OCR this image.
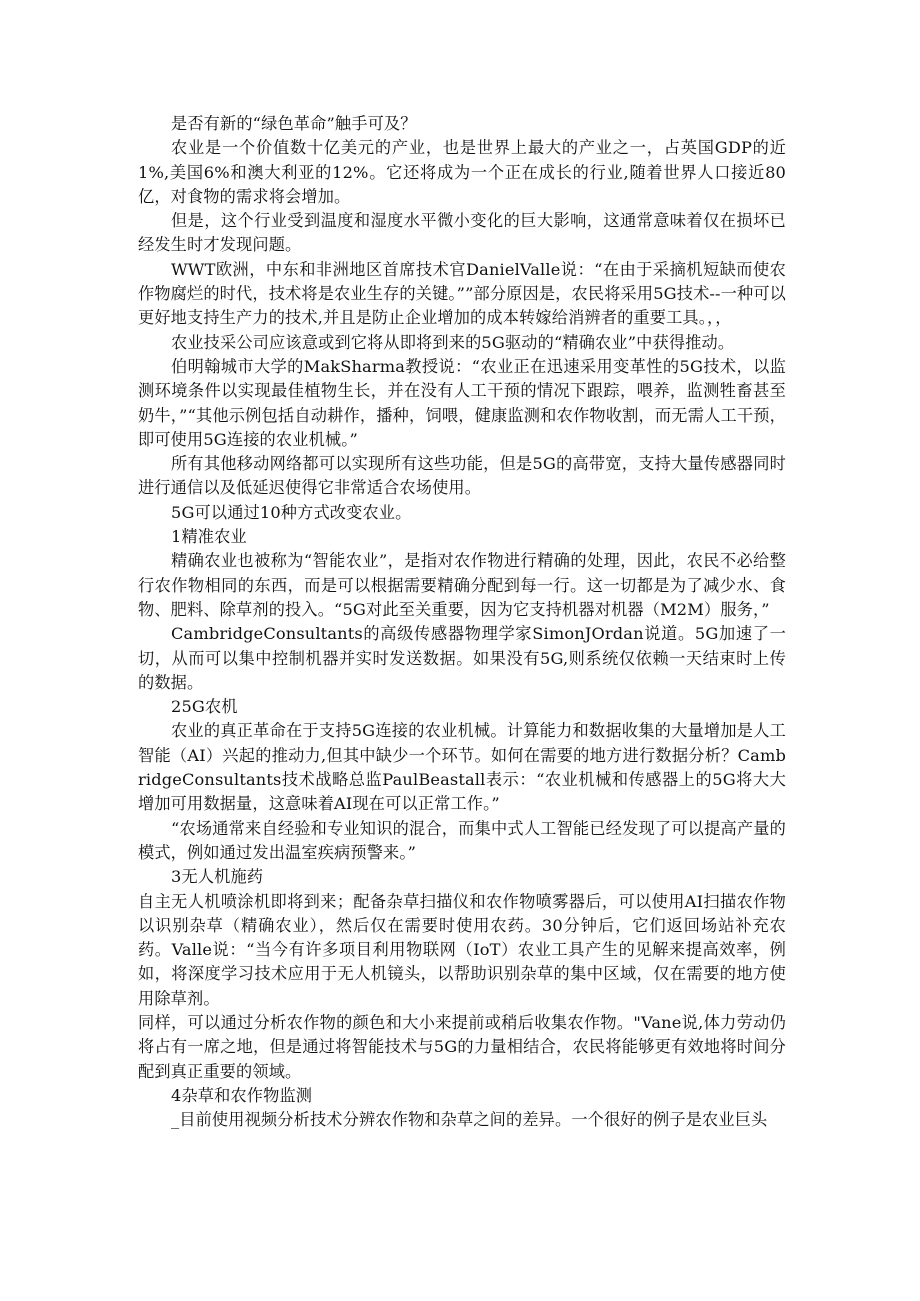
是否有新的“绿色革命”触手可及？

农业是一个价值数十亿美元的产业，也是世界上最大的产业之一，占英国GDP的近1%,美国6%和澳大利亚的12%。它还将成为一个正在成长的行业,随着世界人口接近80亿，对食物的需求将会增加。

但是，这个行业受到温度和湿度水平微小变化的巨大影响，这通常意味着仅在损坏已经发生时才发现问题。

WWT欧洲，中东和非洲地区首席技术官DanielValle说：“在由于采摘机短缺而使农作物腐烂的时代，技术将是农业生存的关键。””部分原因是，农民将采用5G技术--一种可以更好地支持生产力的技术,并且是防止企业增加的成本转嫁给消辨者的重要工具。，，

农业技采公司应该意或到它将从即将到来的5G驱动的“精确农业”中获得推动。

伯明翰城市大学的MakSharma教授说：“农业正在迅速采用变革性的5G技术，以监测环境条件以实现最佳植物生长，并在没有人工干预的情况下跟踪，喂养，监测牲畜甚至奶牛，”“其他示例包括自动耕作，播种，饲喂，健康监测和农作物收割，而无需人工干预，即可使用5G连接的农业机械。”

所有其他移动网络都可以实现所有这些功能，但是5G的高带宽，支持大量传感器同时进行通信以及低延迟使得它非常适合农场使用。

5G可以通过10种方式改变农业。

1精准农业

精确农业也被称为“智能农业”，是指对农作物进行精确的处理，因此，农民不必给整行农作物相同的东西，而是可以根据需要精确分配到每一行。这一切都是为了减少水、食物、肥料、除草剂的投入。“5G对此至关重要，因为它支持机器对机器（M2M）服务，”

CambridgeConsultants的高级传感器物理学家SimonJOrdan说道。5G加速了一切，从而可以集中控制机器并实时发送数据。如果没有5G,则系统仅依赖一天结束时上传的数据。

25G农机

农业的真正革命在于支持5G连接的农业机械。计算能力和数据收集的大量增加是人工智能（AI）兴起的推动力,但其中缺少一个环节。如何在需要的地方进行数据分析？CambridgeConsultants技术战略总监PaulBeastall表示：“农业机械和传感器上的5G将大大增加可用数据量，这意味着AI现在可以正常工作。”

“农场通常来自经验和专业知识的混合，而集中式人工智能已经发现了可以提高产量的模式，例如通过发出温室疾病预警来。”

3无人机施药

自主无人机喷涂机即将到来；配备杂草扫描仪和农作物喷雾器后，可以使用AI扫描农作物以识别杂草（精确农业），然后仅在需要时使用农药。30分钟后，它们返回场站补充农药。Valle说：“当今有许多项目利用物联网（IoT）农业工具产生的见解来提高效率，例如，将深度学习技术应用于无人机镜头，以帮助识别杂草的集中区域，仅在需要的地方使用除草剂。

同样，可以通过分析农作物的颜色和大小来提前或稍后收集农作物。"Vane说,体力劳动仍将占有一席之地，但是通过将智能技术与5G的力量相结合，农民将能够更有效地将时间分配到真正重要的领域。

4杂草和农作物监测

_目前使用视频分析技术分辨农作物和杂草之间的差异。一个很好的例子是农业巨头
